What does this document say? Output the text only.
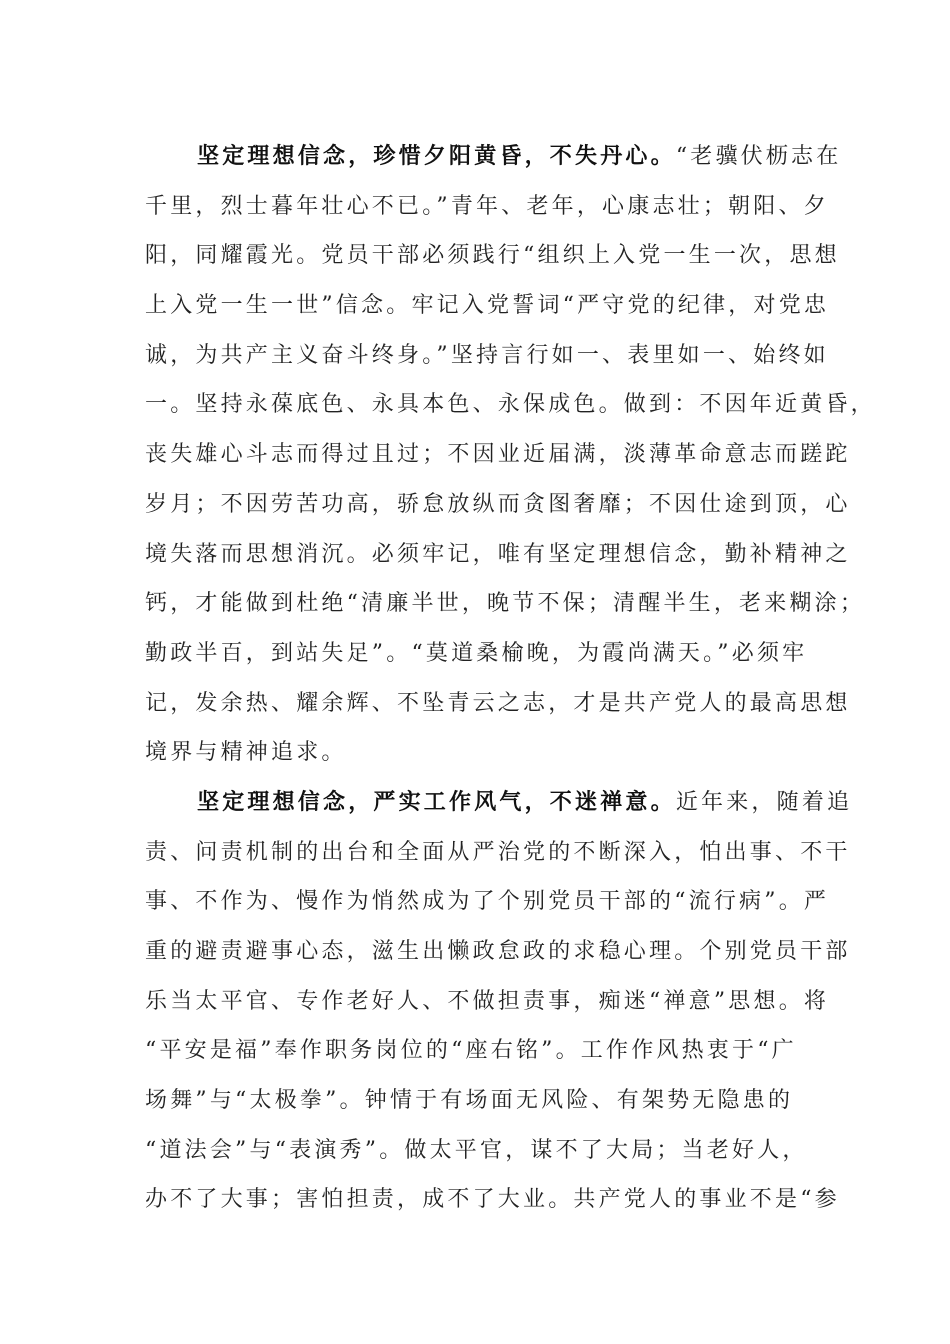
坚定理想信念，珍惜夕阳黄昏，不失丹心。“老骥伏枥志在
千里，烈士暮年壮心不已。”青年、老年，心康志壮；朝阳、夕
阳，同耀霞光。党员干部必须践行“组织上入党一生一次，思想
上入党一生一世”信念。牢记入党誓词“严守党的纪律，对党忠
诚，为共产主义奋斗终身。”坚持言行如一、表里如一、始终如
一。坚持永葆底色、永具本色、永保成色。做到：不因年近黄昏，
丧失雄心斗志而得过且过；不因业近届满，淡薄革命意志而蹉跎
岁月；不因劳苦功高，骄怠放纵而贪图奢靡；不因仕途到顶，心
境失落而思想消沉。必须牢记，唯有坚定理想信念，勤补精神之
钙，才能做到杜绝“清廉半世，晚节不保；清醒半生，老来糊涂；
勤政半百，到站失足”。“莫道桑榆晚，为霞尚满天。”必须牢
记，发余热、耀余辉、不坠青云之志，才是共产党人的最高思想
境界与精神追求。
坚定理想信念，严实工作风气，不迷禅意。近年来，随着追
责、问责机制的出台和全面从严治党的不断深入，怕出事、不干
事、不作为、慢作为悄然成为了个别党员干部的“流行病”。严
重的避责避事心态，滋生出懒政怠政的求稳心理。个别党员干部
乐当太平官、专作老好人、不做担责事，痴迷“禅意”思想。将
“平安是福”奉作职务岗位的“座右铭”。工作作风热衷于“广
场舞”与“太极拳”。钟情于有场面无风险、有架势无隐患的
“道法会”与“表演秀”。做太平官，谋不了大局；当老好人，
办不了大事；害怕担责，成不了大业。共产党人的事业不是“参
